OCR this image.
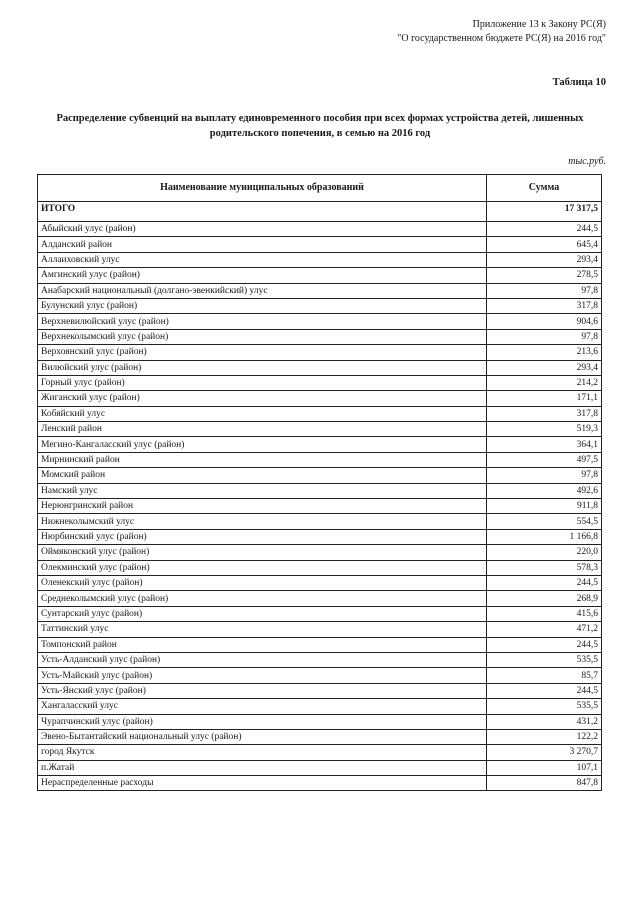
Приложение 13 к Закону РС(Я)
"О государственном бюджете РС(Я) на 2016 год"
Таблица 10
Распределение субвенций на выплату единовременного пособия при всех формах устройства детей, лишенных родительского попечения, в семью на 2016 год
тыс.руб.
Наименование муниципальных образований	Сумма
ИТОГО	17 317,5
Абыйский улус (район)	244,5
Алданский район	645,4
Аллаиховский улус	293,4
Амгинский улус (район)	278,5
Анабарский национальный (долгано-эвенкийский) улус	97,8
Булунский улус (район)	317,8
Верхневилюйский улус (район)	904,6
Верхнеколымский улус (район)	97,8
Верхоянский улус (район)	213,6
Вилюйский улус (район)	293,4
Горный улус (район)	214,2
Жиганский улус (район)	171,1
Кобяйский улус	317,8
Ленский район	519,3
Мегино-Кангаласский улус (район)	364,1
Мирнинский район	497,5
Момский район	97,8
Намский улус	492,6
Нерюнгринский район	911,8
Нижнеколымский улус	554,5
Нюрбинский улус (район)	1 166,8
Оймяконский улус (район)	220,0
Олекминский улус (район)	578,3
Оленекский улус (район)	244,5
Среднеколымский улус (район)	268,9
Сунтарский улус (район)	415,6
Таттинский улус	471,2
Томпонский район	244,5
Усть-Алданский улус (район)	535,5
Усть-Майский улус (район)	85,7
Усть-Янский улус (район)	244,5
Хангаласский улус	535,5
Чурапчинский улус (район)	431,2
Эвено-Бытантайский национальный улус (район)	122,2
город Якутск	3 270,7
п.Жатай	107,1
Нераспределенные расходы	847,8
